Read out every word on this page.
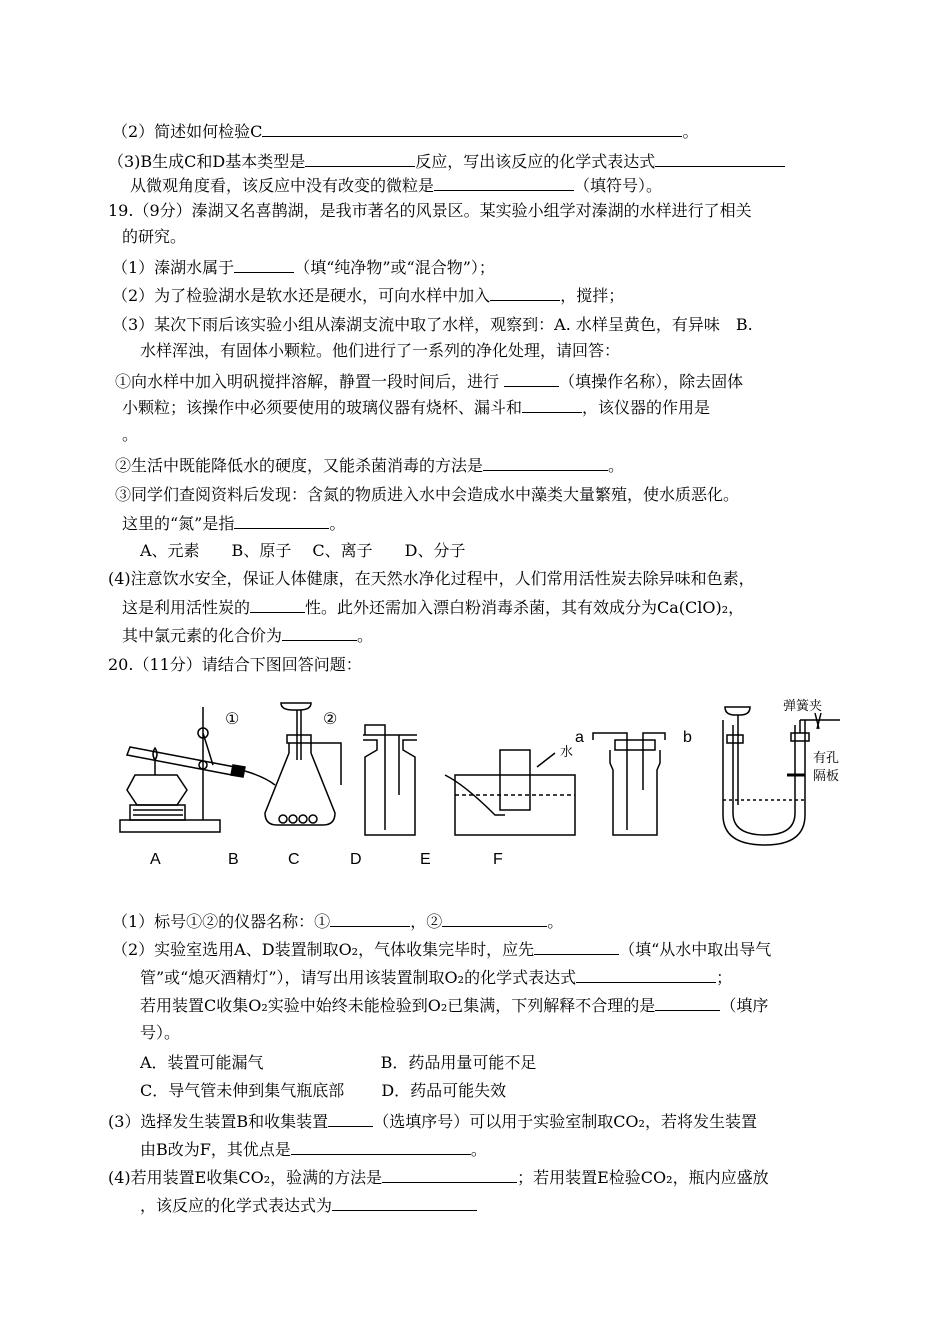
（2）简述如何检验C	。
（3)B生成C和D基本类型是	反应，写出该反应的化学式表达式
从微观角度看，该反应中没有改变的微粒是	（填符号）。
19.（9分）溱湖又名喜鹊湖，是我市著名的风景区。某实验小组学对溱湖的水样进行了相关
的研究。
（1）溱湖水属于	（填“纯净物”或“混合物”）；
（2）为了检验湖水是软水还是硬水，可向水样中加入	，搅拌；
（3）某次下雨后该实验小组从溱湖支流中取了水样，观察到：A. 水样呈黄色，有异味　B.
水样浑浊，有固体小颗粒。他们进行了一系列的净化处理，请回答：
①向水样中加入明矾搅拌溶解，静置一段时间后，进行	（填操作名称），除去固体
小颗粒；该操作中必须要使用的玻璃仪器有烧杯、漏斗和	，该仪器的作用是
。
②生活中既能降低水的硬度，又能杀菌消毒的方法是	。
③同学们查阅资料后发现：含氮的物质进入水中会造成水中藻类大量繁殖，使水质恶化。
这里的“氮”是指	。
A、元素　　B、原子　 C、离子　　D、分子
(4)注意饮水安全，保证人体健康，在天然水净化过程中，人们常用活性炭去除异味和色素，
这是利用活性炭的	性。此外还需加入漂白粉消毒杀菌，其有效成分为Ca(ClO)₂，
其中氯元素的化合价为	。
20.（11分）请结合下图回答问题：
（1）标号①②的仪器名称：①	，②	。
（2）实验室选用A、D装置制取O₂，气体收集完毕时，应先	（填“从水中取出导气
管”或“熄灭酒精灯”），请写出用该装置制取O₂的化学式表达式	；
若用装置C收集O₂实验中始终未能检验到O₂已集满，下列解释不合理的是	（填序
号）。
A．装置可能漏气　　　　　　　 B．药品用量可能不足
C．导气管未伸到集气瓶底部　　 D．药品可能失效
(3）选择发生装置B和收集装置	（选填序号）可以用于实验室制取CO₂，若将发生装置
由B改为F，其优点是	。
(4)若用装置E收集CO₂，验满的方法是	；若用装置E检验CO₂，瓶内应盛放
，该反应的化学式表达式为
①	②
水
a	b
弹簧夹
有孔
隔板
A	B	C	D	E	F
